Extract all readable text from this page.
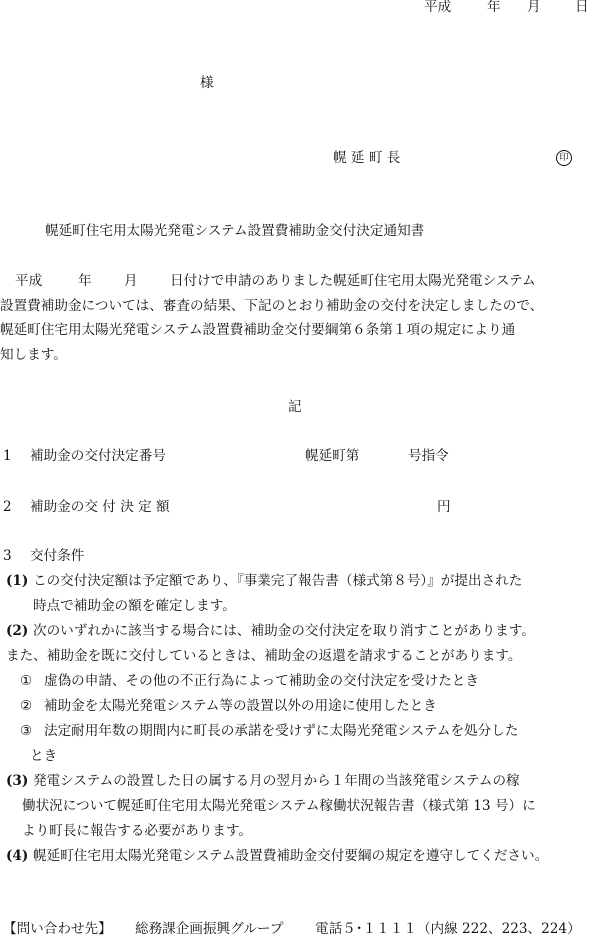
平成	年 月	日
様
幌 延 町 長	印
幌延町住宅用太陽光発電システム設置費補助金交付決定通知書
平成	年 月 日付けで申請のありました幌延町住宅用太陽光発電システム
設置費補助金については、審査の結果、下記のとおり補助金の交付を決定しましたので、
幌延町住宅用太陽光発電システム設置費補助金交付要綱第６条第１項の規定により通
知します。
記
1 補助金の交付決定番号	幌延町第	号指令
2 補助金の交 付 決 定 額	円
3 交付条件
(1) この交付決定額は予定額であり、『事業完了報告書（様式第８号）』が提出された
時点で補助金の額を確定します。
(2) 次のいずれかに該当する場合には、補助金の交付決定を取り消すことがあります。
また、補助金を既に交付しているときは、補助金の返還を請求することがあります。
① 虚偽の申請、その他の不正行為によって補助金の交付決定を受けたとき
② 補助金を太陽光発電システム等の設置以外の用途に使用したとき
③ 法定耐用年数の期間内に町長の承諾を受けずに太陽光発電システムを処分した
とき
(3) 発電システムの設置した日の属する月の翌月から１年間の当該発電システムの稼
働状況について幌延町住宅用太陽光発電システム稼働状況報告書（様式第 13 号）に
より町長に報告する必要があります。
(4) 幌延町住宅用太陽光発電システム設置費補助金交付要綱の規定を遵守してください。
【問い合わせ先】 総務課企画振興グループ 電話５･１１１１（内線 222、223、224）
